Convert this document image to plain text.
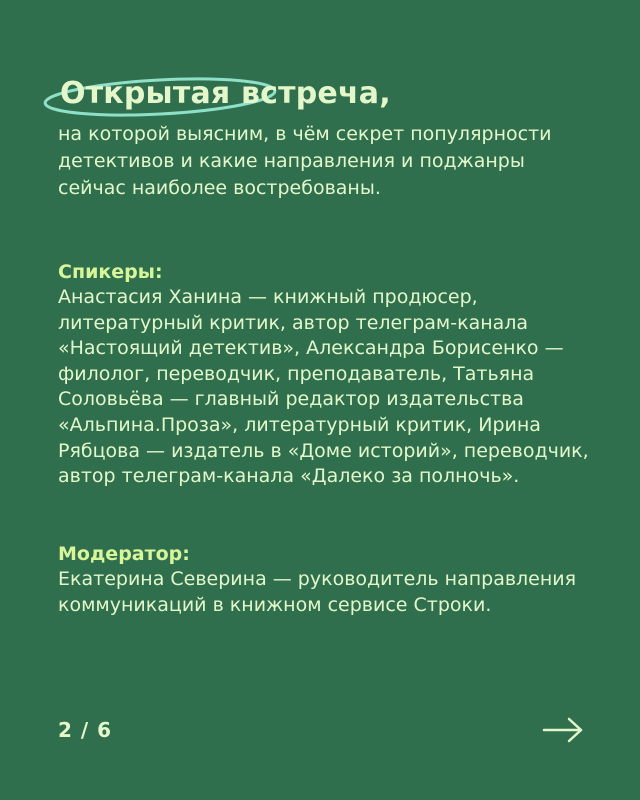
Открытая встреча,

на которой выясним, в чём секрет популярности детективов и какие направления и поджанры сейчас наиболее востребованы.

Спикеры:

Анастасия Ханина — книжный продюсер, литературный критик, автор телеграм-канала «Настоящий детектив», Александра Борисенко — филолог, переводчик, преподаватель, Татьяна Соловьёва — главный редактор издательства «Альпина.Проза», литературный критик, Ирина Рябцова — издатель в «Доме историй», переводчик, автор телеграм-канала «Далеко за полночь».

Модератор:

Екатерина Северина — руководитель направления коммуникаций в книжном сервисе Строки.

2 / 6
